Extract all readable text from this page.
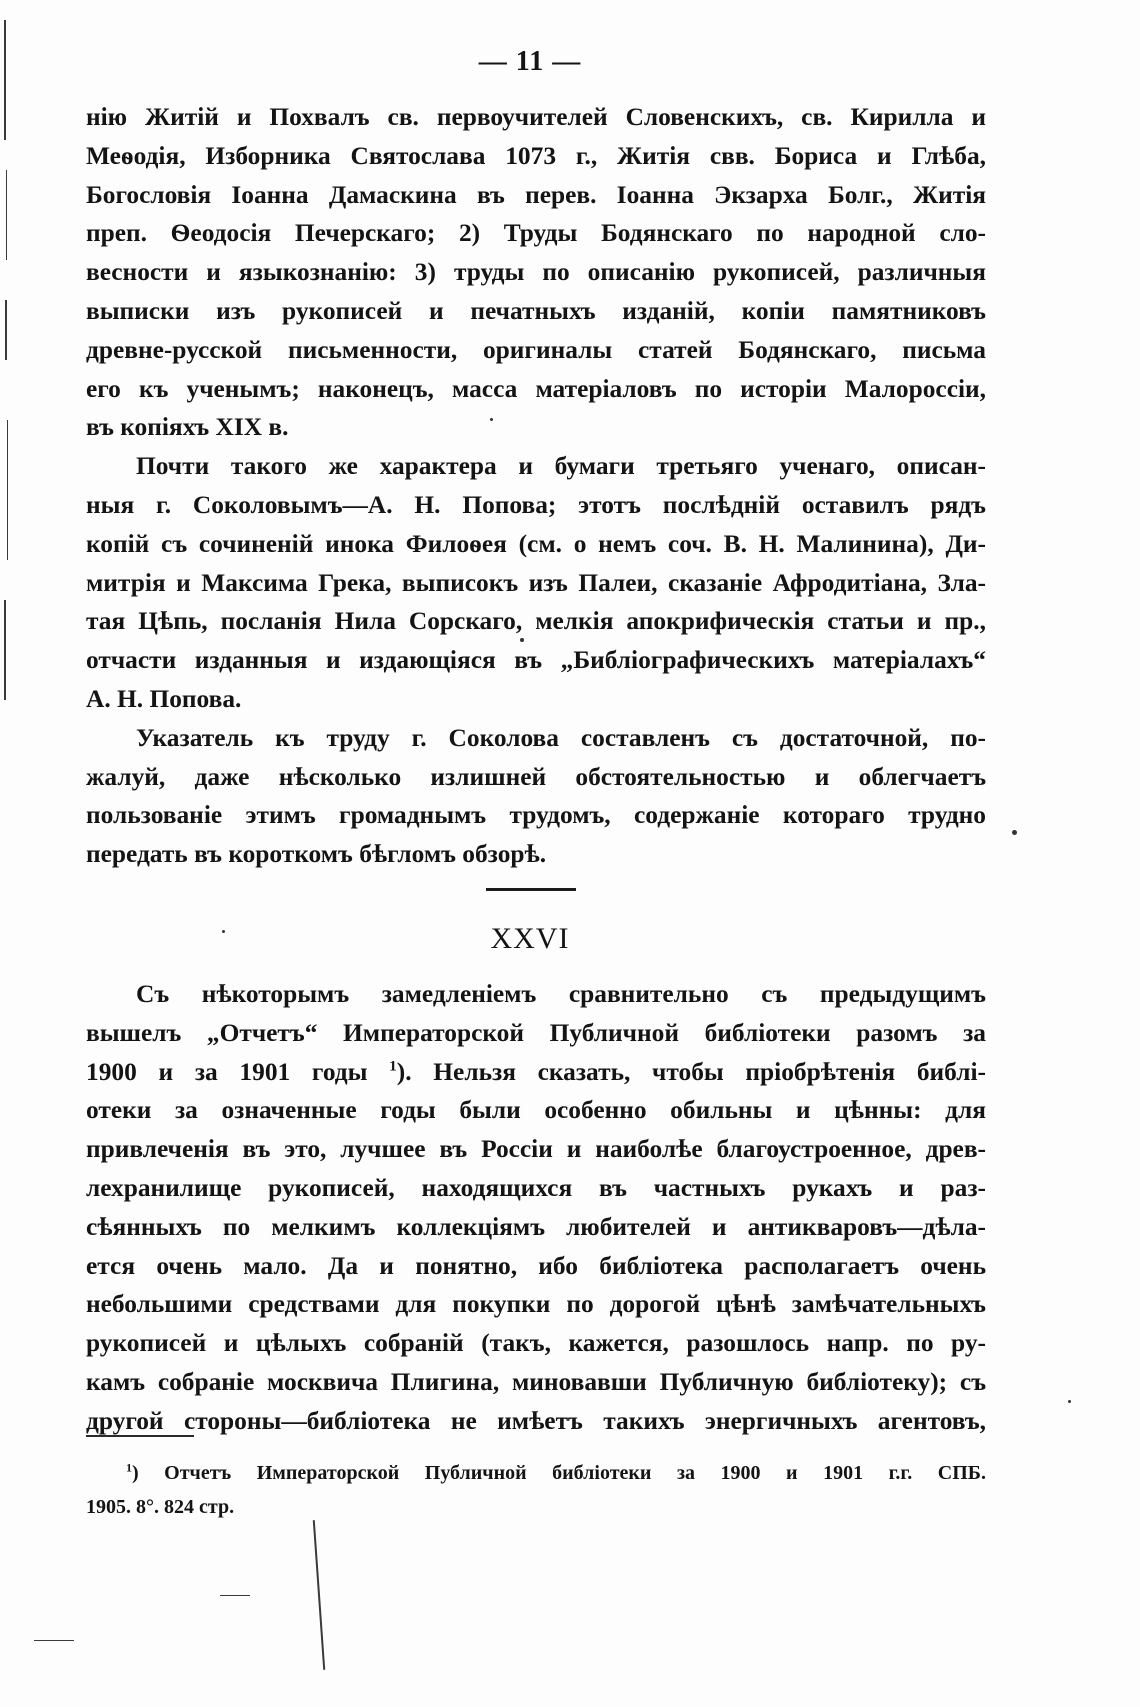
— 11 —
нію Житій и Похвалъ св. первоучителей Словенскихъ, св. Кирилла и
Меѳодія, Изборника Святослава 1073 г., Житія свв. Бориса и Глѣба,
Богословія Іоанна Дамаскина въ перев. Іоанна Экзарха Болг., Житія
преп. Ѳеодосія Печерскаго; 2) Труды Бодянскаго по народной сло-
весности и языкознанію: 3) труды по описанію рукописей, различныя
выписки изъ рукописей и печатныхъ изданій, копіи памятниковъ
древне-русской письменности, оригиналы статей Бодянскаго, письма
его къ ученымъ; наконецъ, масса матеріаловъ по исторіи Малороссіи,
въ копіяхъ XIX в.
Почти такого же характера и бумаги третьяго ученаго, описан-
ныя г. Соколовымъ—А. Н. Попова; этотъ послѣдній оставилъ рядъ
копій съ сочиненій инока Филоѳея (см. о немъ соч. В. Н. Малинина), Ди-
митрія и Максима Грека, выписокъ изъ Палеи, сказаніе Афродитіана, Зла-
тая Цѣпь, посланія Нила Сорскаго, мелкія апокрифическія статьи и пр.,
отчасти изданныя и издающіяся въ „Библіографическихъ матеріалахъ“
А. Н. Попова.
Указатель къ труду г. Соколова составленъ съ достаточной, по-
жалуй, даже нѣсколько излишней обстоятельностью и облегчаетъ
пользованіе этимъ громаднымъ трудомъ, содержаніе котораго трудно
передать въ короткомъ бѣгломъ обзорѣ.
XXVI
Съ нѣкоторымъ замедленіемъ сравнительно съ предыдущимъ
вышелъ „Отчетъ“ Императорской Публичной библіотеки разомъ за
1900 и за 1901 годы $^1$). Нельзя сказать, чтобы пріобрѣтенія библі-
отеки за означенные годы были особенно обильны и цѣнны: для
привлеченія въ это, лучшее въ Россіи и наиболѣе благоустроенное, древ-
лехранилище рукописей, находящихся въ частныхъ рукахъ и раз-
сѣянныхъ по мелкимъ коллекціямъ любителей и антикваровъ—дѣла-
ется очень мало. Да и понятно, ибо библіотека располагаетъ очень
небольшими средствами для покупки по дорогой цѣнѣ замѣчательныхъ
рукописей и цѣлыхъ собраній (такъ, кажется, разошлось напр. по ру-
камъ собраніе москвича Плигина, миновавши Публичную библіотеку); съ
другой стороны—библіотека не имѣетъ такихъ энергичныхъ агентовъ,
$^1$) Отчетъ Императорской Публичной библіотеки за 1900 и 1901 г.г. СПБ.
1905. 8°. 824 стр.
